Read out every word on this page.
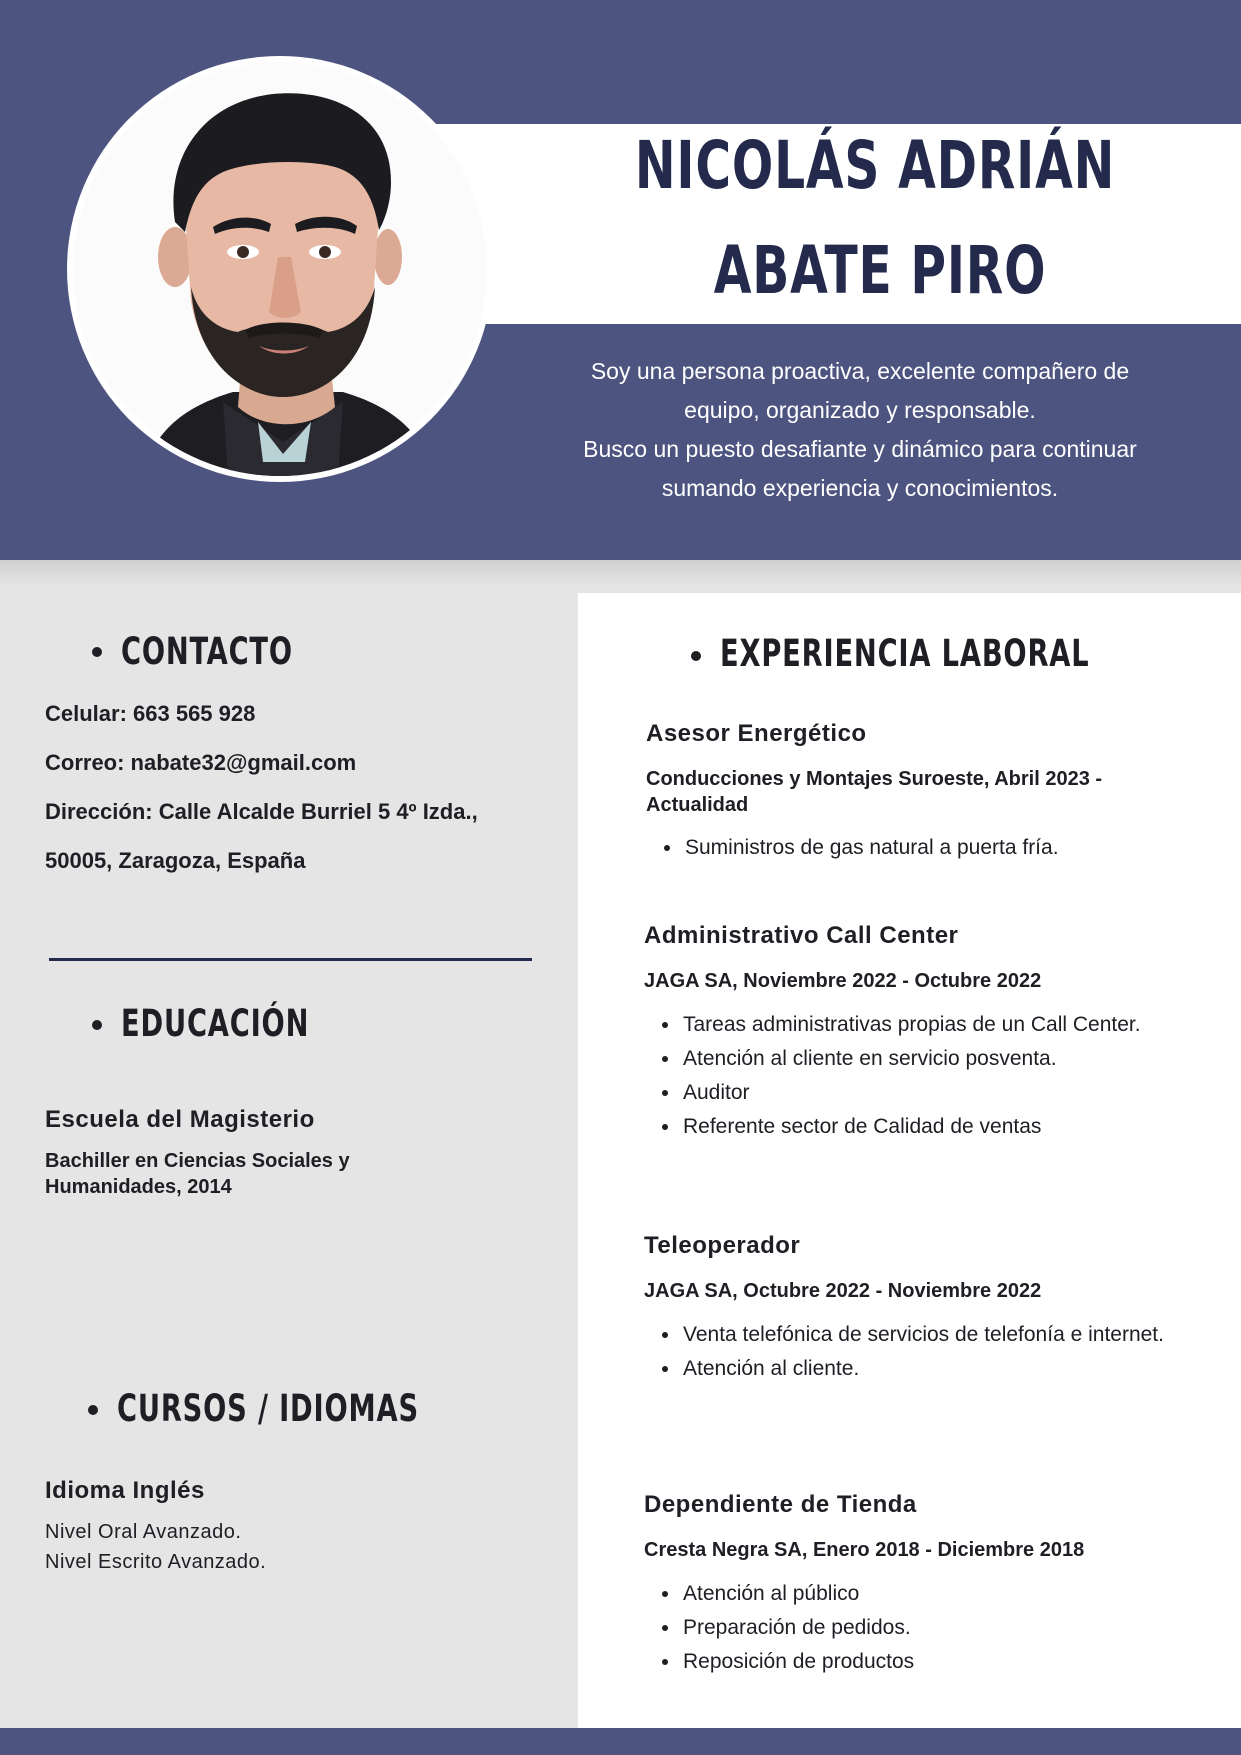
NICOLÁS ADRIÁN
ABATE PIRO
Soy una persona proactiva, excelente compañero de
equipo, organizado y responsable.
Busco un puesto desafiante y dinámico para continuar
sumando experiencia y conocimientos.
CONTACTO
Celular: 663 565 928
Correo: nabate32@gmail.com
Dirección: Calle Alcalde Burriel 5 4º Izda.,
50005, Zaragoza, España
EDUCACIÓN
Escuela del Magisterio
Bachiller en Ciencias Sociales y
Humanidades, 2014
CURSOS / IDIOMAS
Idioma Inglés
Nivel Oral Avanzado.
Nivel Escrito Avanzado.
EXPERIENCIA LABORAL
Asesor Energético
Conducciones y Montajes Suroeste, Abril 2023 -
Actualidad
• Suministros de gas natural a puerta fría.
Administrativo Call Center
JAGA SA, Noviembre 2022 - Octubre 2022
• Tareas administrativas propias de un Call Center.
• Atención al cliente en servicio posventa.
• Auditor
• Referente sector de Calidad de ventas
Teleoperador
JAGA SA, Octubre 2022 - Noviembre 2022
• Venta telefónica de servicios de telefonía e internet.
• Atención al cliente.
Dependiente de Tienda
Cresta Negra SA, Enero 2018 - Diciembre 2018
• Atención al público
• Preparación de pedidos.
• Reposición de productos
